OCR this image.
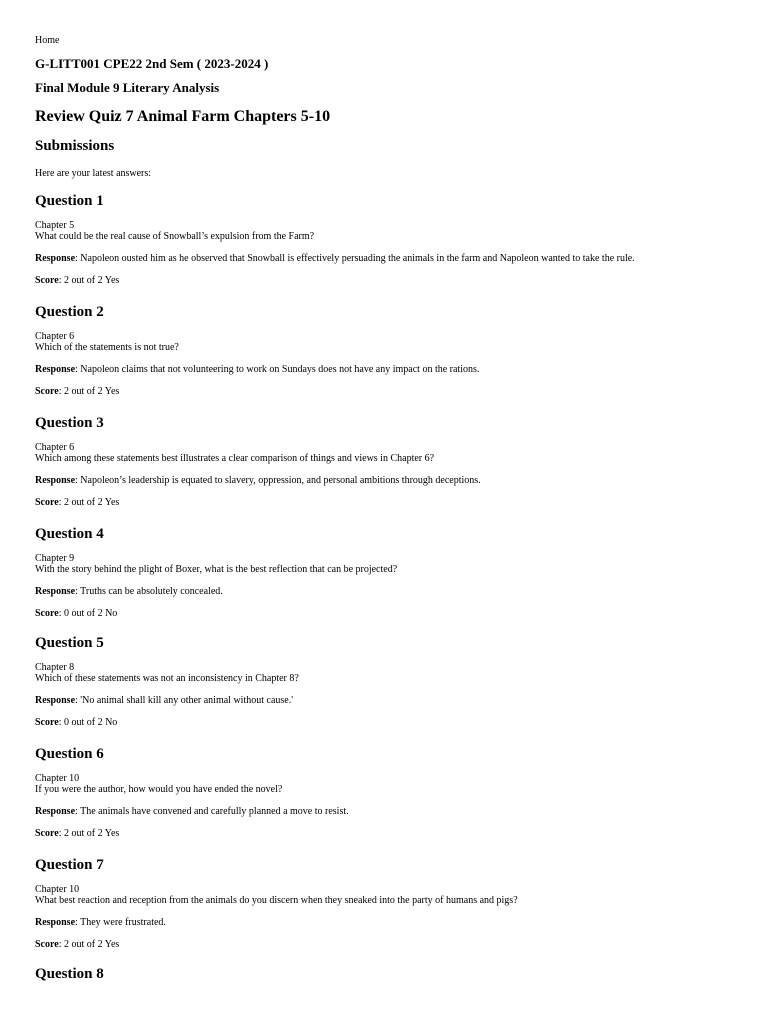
Home
G-LITT001 CPE22 2nd Sem ( 2023-2024 )
Final Module 9 Literary Analysis
Review Quiz 7 Animal Farm Chapters 5-10
Submissions

Here are your latest answers:

Question 1

Chapter 5

What could be the real cause of Snowball’s expulsion from the Farm?

Response: Napoleon ousted him as he observed that Snowball is effectively persuading the animals in the farm and Napoleon wanted to take the rule.

Score: 2 out of 2 Yes

Question 2

Chapter 6

Which of the statements is not true?

Response: Napoleon claims that not volunteering to work on Sundays does not have any impact on the rations.

Score: 2 out of 2 Yes

Question 3

Chapter 6

Which among these statements best illustrates a clear comparison of things and views in Chapter 6?

Response: Napoleon’s leadership is equated to slavery, oppression, and personal ambitions through deceptions.

Score: 2 out of 2 Yes

Question 4

Chapter 9

With the story behind the plight of Boxer, what is the best reflection that can be projected?

Response: Truths can be absolutely concealed.

Score: 0 out of 2 No

Question 5

Chapter 8

Which of these statements was not an inconsistency in Chapter 8?

Response: 'No animal shall kill any other animal without cause.'

Score: 0 out of 2 No

Question 6

Chapter 10

If you were the author, how would you have ended the novel?

Response: The animals have convened and carefully planned a move to resist.

Score: 2 out of 2 Yes

Question 7

Chapter 10

What best reaction and reception from the animals do you discern when they sneaked into the party of humans and pigs?

Response: They were frustrated.

Score: 2 out of 2 Yes

Question 8
